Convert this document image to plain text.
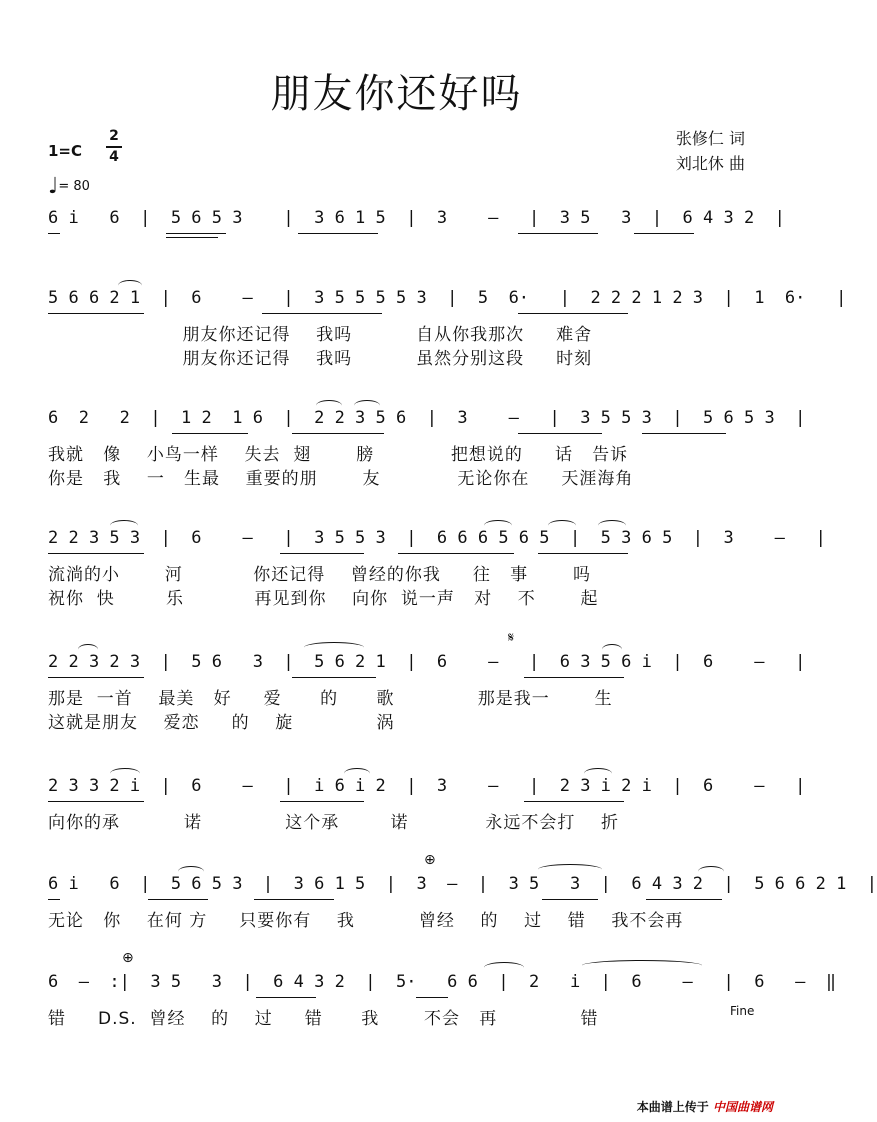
朋友你还好吗
1=C
2
4
♩= 80
张修仁 词
刘北休 曲
6 i   6  |  5 6 5 3    |  3 6 1 5  |  3    –   |  3 5   3  |  6 4 3 2  |
5 6 6 2 1  |  6    –   |  3 5 5 5 5 3  |  5  6·   |  2 2 2 1 2 3  |  1  6·   |
朋友你还记得    我吗          自从你我那次     难舍
朋友你还记得    我吗          虽然分别这段     时刻
6  2   2  |  1 2  1 6  |  2 2 3 5 6  |  3    –   |  3 5 5 3  |  5 6 5 3  |
我就   像    小鸟一样    失去  翅       膀            把想说的     话   告诉
你是   我    一   生最    重要的朋       友            无论你在     天涯海角
2 2 3 5 3  |  6    –   |  3 5 5 3  |  6 6 6 5 6 5  |  5 3 6 5  |  3    –   |
流淌的小       河           你还记得    曾经的你我     往   事       吗
祝你  快        乐           再见到你    向你  说一声   对    不       起
𝄋
2 2 3 2 3  |  5 6   3  |  5 6 2 1  |  6    –   |  6 3 5 6 i  |  6    –   |
那是  一首    最美   好     爱      的      歌             那是我一       生
这就是朋友    爱恋     的    旋             涡
2 3 3 2 i  |  6    –   |  i 6 i 2  |  3    –   |  2 3 i 2 i  |  6    –   |
向你的承          诺             这个承        诺            永远不会打    折
⊕
6 i   6  |  5 6 5 3  |  3 6 1 5  |  3  –  |  3 5   3  |  6 4 3 2  |  5 6 6 2 1  |
无论   你    在何 方     只要你有    我          曾经    的    过    错    我不会再
⊕
6  –  :|  3 5   3  |  6 4 3 2  |  5·   6 6  |  2   i  |  6    –   |  6   –  ‖
错     D.S.  曾经    的    过     错      我       不会   再             错	Fine
本曲谱上传于 中国曲谱网
